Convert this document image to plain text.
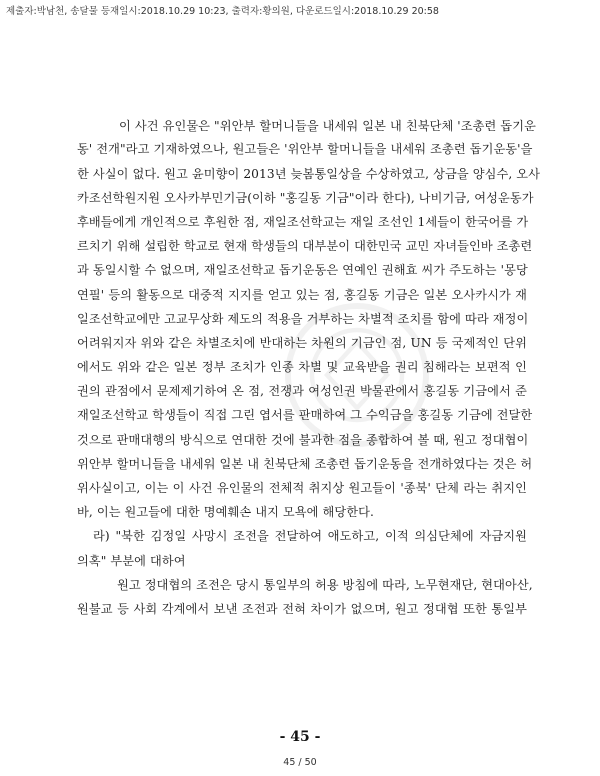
제출자:박남천, 송달물 등재일시:2018.10.29 10:23, 출력자:황의원, 다운로드일시:2018.10.29 20:58
이 사건 유인물은 "위안부 할머니들을 내세워 일본 내 친북단체 '조총련 돕기운
동' 전개"라고 기재하였으나, 원고들은 '위안부 할머니들을 내세워 조총련 돕기운동'을
한 사실이 없다. 원고 윤미향이 2013년 늦봄통일상을 수상하였고, 상금을 양심수, 오사
카조선학원지원 오사카부민기금(이하 "홍길동 기금"이라 한다), 나비기금, 여성운동가
후배들에게 개인적으로 후원한 점, 재일조선학교는 재일 조선인 1세들이 한국어를 가
르치기 위해 설립한 학교로 현재 학생들의 대부분이 대한민국 교민 자녀들인바 조총련
과 동일시할 수 없으며, 재일조선학교 돕기운동은 연예인 권해효 씨가 주도하는 '몽당
연필' 등의 활동으로 대중적 지지를 얻고 있는 점, 홍길동 기금은 일본 오사카시가 재
일조선학교에만 고교무상화 제도의 적용을 거부하는 차별적 조치를 함에 따라 재정이
어려워지자 위와 같은 차별조치에 반대하는 차원의 기금인 점, UN 등 국제적인 단위
에서도 위와 같은 일본 정부 조치가 인종 차별 및 교육받을 권리 침해라는 보편적 인
권의 관점에서 문제제기하여 온 점, 전쟁과 여성인권 박물관에서 홍길동 기금에서 준
재일조선학교 학생들이 직접 그린 엽서를 판매하여 그 수익금을 홍길동 기금에 전달한
것으로 판매대행의 방식으로 연대한 것에 불과한 점을 종합하여 볼 때, 원고 정대협이
위안부 할머니들을 내세워 일본 내 친북단체 조총련 돕기운동을 전개하였다는 것은 허
위사실이고, 이는 이 사건 유인물의 전체적 취지상 원고들이 '종북' 단체 라는 취지인
바, 이는 원고들에 대한 명예훼손 내지 모욕에 해당한다.
라) "북한 김정일 사망시 조전을 전달하여 애도하고, 이적 의심단체에 자금지원
의혹" 부분에 대하여
원고 정대협의 조전은 당시 통일부의 허용 방침에 따라, 노무현재단, 현대아산,
원불교 등 사회 각계에서 보낸 조전과 전혀 차이가 없으며, 원고 정대협 또한 통일부
- 45 -
45 / 50
